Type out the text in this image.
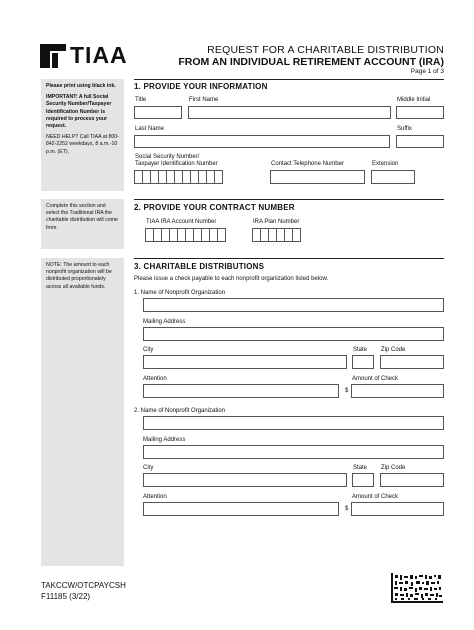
TIAA	REQUEST FOR A CHARITABLE DISTRIBUTION
FROM AN INDIVIDUAL RETIREMENT ACCOUNT (IRA)
Page 1 of 3
Please print using black ink.
IMPORTANT: A full Social Security Number/Taxpayer Identification Number is required to process your request.
NEED HELP? Call TIAA at 800-842-2252 weekdays, 8 a.m.-10 p.m. (ET).
Complete this section and select the Traditional IRA the charitable distribution will come from.
NOTE: The amount to each nonprofit organization will be distributed proportionately across all available funds.
1. PROVIDE YOUR INFORMATION
Title	First Name	Middle Initial
Last Name	Suffix
Social Security Number/
Taxpayer Identification Number	Contact Telephone Number	Extension
2. PROVIDE YOUR CONTRACT NUMBER
TIAA IRA Account Number	IRA Plan Number
3. CHARITABLE DISTRIBUTIONS
Please issue a check payable to each nonprofit organization listed below.
1. Name of Nonprofit Organization
Mailing Address
City	State Zip Code
Attention	Amount of Check
$
2. Name of Nonprofit Organization
Mailing Address
City	State Zip Code
Attention	Amount of Check
$
TAKCCW/OTCPAYCSH
F11185 (3/22)
